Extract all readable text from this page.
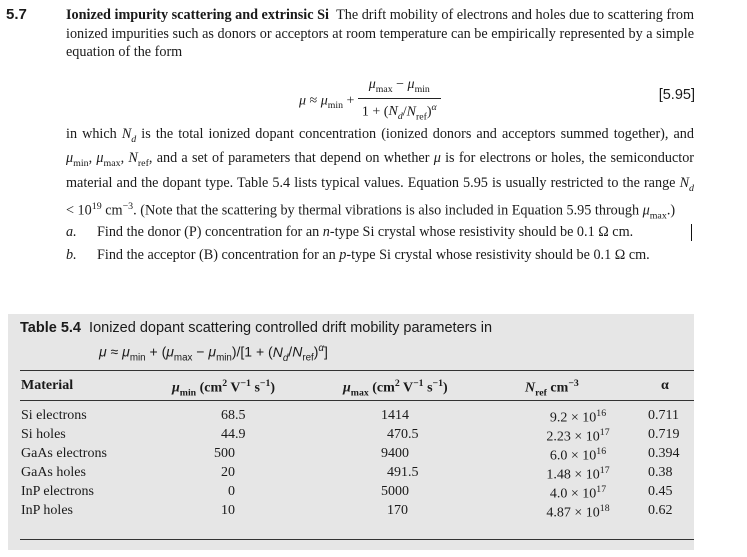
5.7	Ionized impurity scattering and extrinsic Si The drift mobility of electrons and holes due to scattering from ionized impurities such as donors or acceptors at room temperature can be empirically represented by a simple equation of the form
$\mu \approx \mu_{min} + \frac{\mu_{max} - \mu_{min}}{1 + (N_d/N_{ref})^\alpha}$	[5.95]
in which $N_d$ is the total ionized dopant concentration (ionized donors and acceptors summed together), and $\mu_{min}$, $\mu_{max}$, $N_{ref}$, and a set of parameters that depend on whether μ is for electrons or holes, the semiconductor material and the dopant type. Table 5.4 lists typical values. Equation 5.95 is usually restricted to the range $N_d < 10^{19}$ $cm^{-3}$. (Note that the scattering by thermal vibrations is also included in Equation 5.95 through $\mu_{max}$.)
a. Find the donor (P) concentration for an n-type Si crystal whose resistivity should be 0.1 Ω cm.
b. Find the acceptor (B) concentration for an p-type Si crystal whose resistivity should be 0.1 Ω cm.
Table 5.4 Ionized dopant scattering controlled drift mobility parameters in
$\mu \approx \mu_{min} + (\mu_{max} - \mu_{min})/[1 + (N_d/N_{ref})^\alpha]$
Material	$\mu_{min}$ ($cm^2$ $V^{-1}$ $s^{-1}$)	$\mu_{max}$ ($cm^2$ $V^{-1}$ $s^{-1}$)	$N_{ref}$ $cm^{-3}$	α
Si electrons	68.5	1414	$9.2 \times 10^{16}$	0.711
Si holes	44.9	470.5	$2.23 \times 10^{17}$	0.719
GaAs electrons	500	9400	$6.0 \times 10^{16}$	0.394
GaAs holes	20	491.5	$1.48 \times 10^{17}$	0.38
InP electrons	0	5000	$4.0 \times 10^{17}$	0.45
InP holes	10	170	$4.87 \times 10^{18}$	0.62
